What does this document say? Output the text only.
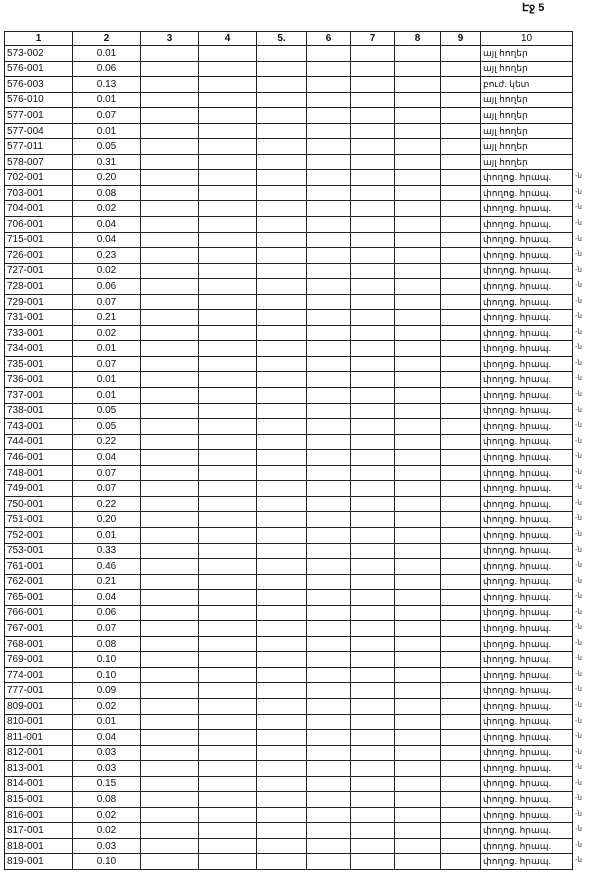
Էջ 5
1	2	3	4	5.	6	7	8	9	10
573-002	0.01								այլ հողեր
576-001	0.06								այլ հողեր
576-003	0.13								բուժ. կետ
576-010	0.01								այլ հողեր
577-001	0.07								այլ հողեր
577-004	0.01								այլ հողեր
577-011	0.05								այլ հողեր
578-007	0.31								այլ հողեր
702-001	0.20								փողոց. հրապ.
703-001	0.08								փողոց. հրապ.
704-001	0.02								փողոց. հրապ.
706-001	0.04								փողոց. հրապ.
715-001	0.04								փողոց. հրապ.
726-001	0.23								փողոց. հրապ.
727-001	0.02								փողոց. հրապ.
728-001	0.06								փողոց. հրապ.
729-001	0.07								փողոց. հրապ.
731-001	0.21								փողոց. հրապ.
733-001	0.02								փողոց. հրապ.
734-001	0.01								փողոց. հրապ.
735-001	0.07								փողոց. հրապ.
736-001	0.01								փողոց. հրապ.
737-001	0.01								փողոց. հրապ.
738-001	0.05								փողոց. հրապ.
743-001	0.05								փողոց. հրապ.
744-001	0.22								փողոց. հրապ.
746-001	0.04								փողոց. հրապ.
748-001	0.07								փողոց. հրապ.
749-001	0.07								փողոց. հրապ.
750-001	0.22								փողոց. հրապ.
751-001	0.20								փողոց. հրապ.
752-001	0.01								փողոց. հրապ.
753-001	0.33								փողոց. հրապ.
761-001	0.46								փողոց. հրապ.
762-001	0.21								փողոց. հրապ.
765-001	0.04								փողոց. հրապ.
766-001	0.06								փողոց. հրապ.
767-001	0.07								փողոց. հրապ.
768-001	0.08								փողոց. հրապ.
769-001	0.10								փողոց. հրապ.
774-001	0.10								փողոց. հրապ.
777-001	0.09								փողոց. հրապ.
809-001	0.02								փողոց. հրապ.
810-001	0.01								փողոց. հրապ.
811-001	0.04								փողոց. հրապ.
812-001	0.03								փողոց. հրապ.
813-001	0.03								փողոց. հրապ.
814-001	0.15								փողոց. հրապ.
815-001	0.08								փողոց. հրապ.
816-001	0.02								փողոց. հրապ.
817-001	0.02								փողոց. հրապ.
818-001	0.03								փողոց. հրապ.
819-001	0.10								փողոց. հրապ.
-ն
-ն
-ն
-ն
-ն
-ն
-ն
-ն
-ն
-ն
-ն
-ն
-ն
-ն
-ն
-ն
-ն
-ն
-ն
-ն
-ն
-ն
-ն
-ն
-ն
-ն
-ն
-ն
-ն
-ն
-ն
-ն
-ն
-ն
-ն
-ն
-ն
-ն
-ն
-ն
-ն
-ն
-ն
-ն
-ն
